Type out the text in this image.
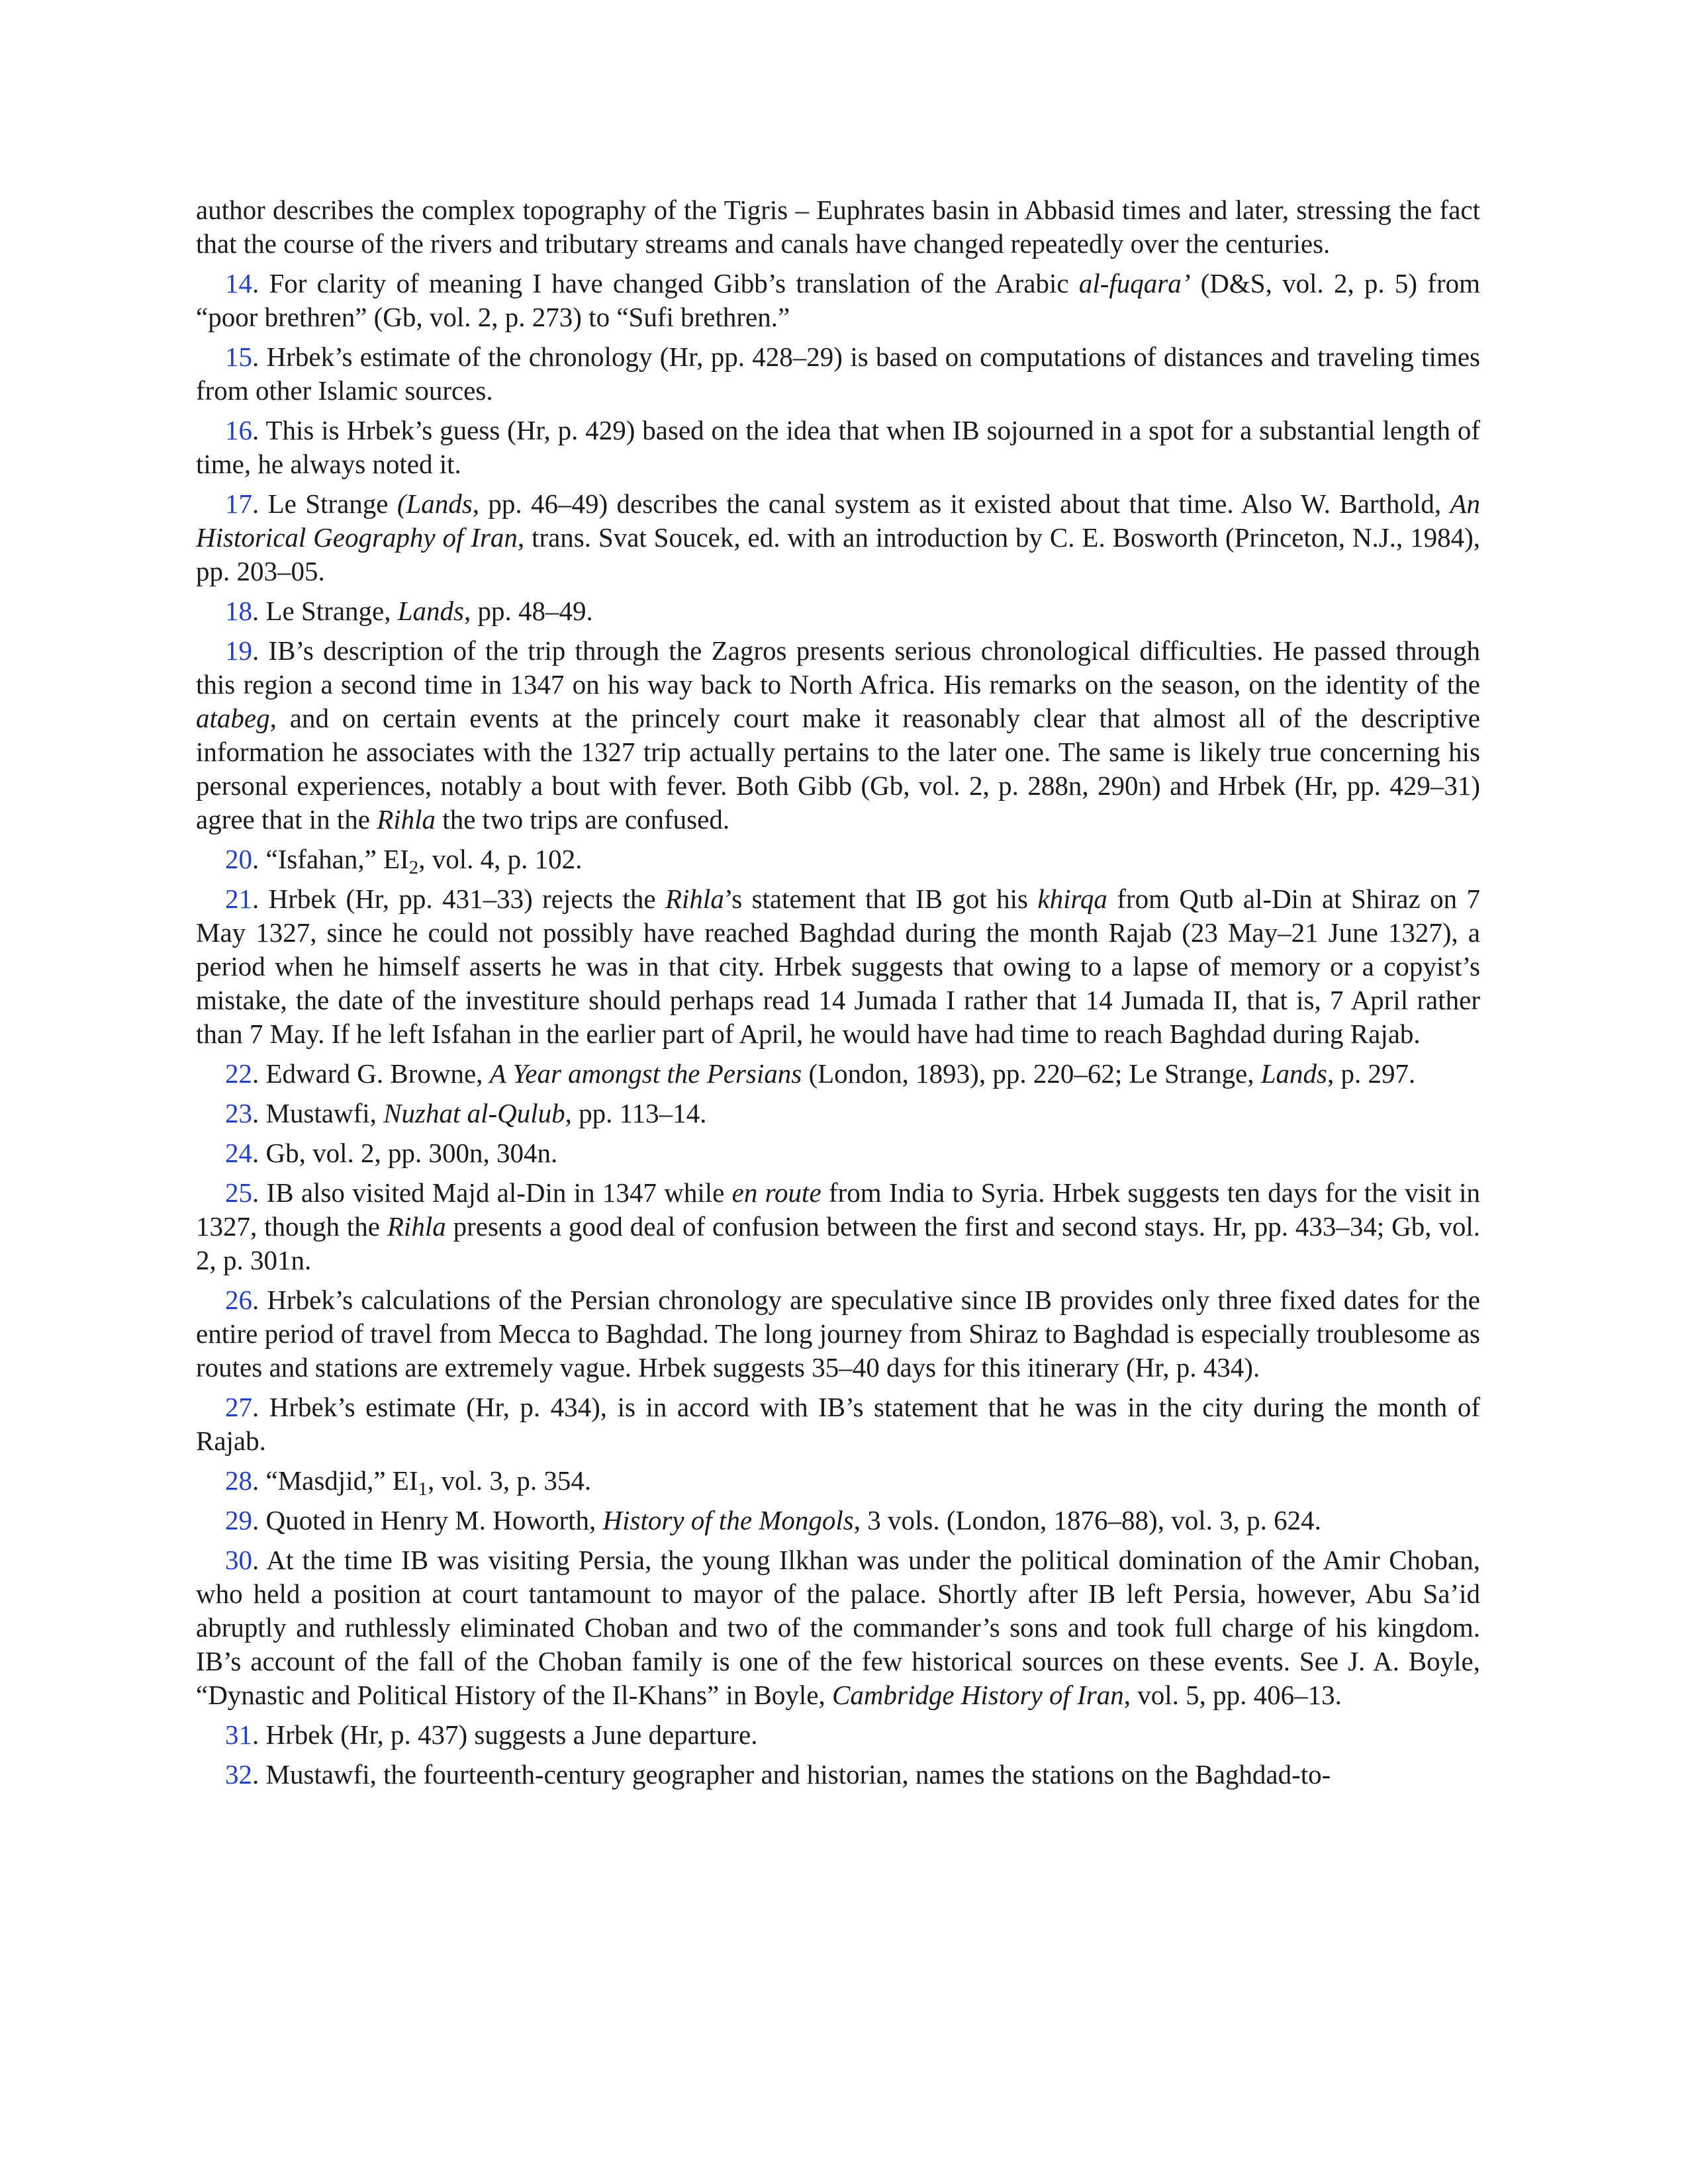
author describes the complex topography of the Tigris – Euphrates basin in Abbasid times and later, stressing the fact that the course of the rivers and tributary streams and canals have changed repeatedly over the centuries.

14. For clarity of meaning I have changed Gibb’s translation of the Arabic al-fuqara’ (D&S, vol. 2, p. 5) from “poor brethren” (Gb, vol. 2, p. 273) to “Sufi brethren.”

15. Hrbek’s estimate of the chronology (Hr, pp. 428–29) is based on computations of distances and traveling times from other Islamic sources.

16. This is Hrbek’s guess (Hr, p. 429) based on the idea that when IB sojourned in a spot for a substantial length of time, he always noted it.

17. Le Strange (Lands, pp. 46–49) describes the canal system as it existed about that time. Also W. Barthold, An Historical Geography of Iran, trans. Svat Soucek, ed. with an introduction by C. E. Bosworth (Princeton, N.J., 1984), pp. 203–05.

18. Le Strange, Lands, pp. 48–49.

19. IB’s description of the trip through the Zagros presents serious chronological difficulties. He passed through this region a second time in 1347 on his way back to North Africa. His remarks on the season, on the identity of the atabeg, and on certain events at the princely court make it reasonably clear that almost all of the descriptive information he associates with the 1327 trip actually pertains to the later one. The same is likely true concerning his personal experiences, notably a bout with fever. Both Gibb (Gb, vol. 2, p. 288n, 290n) and Hrbek (Hr, pp. 429–31) agree that in the Rihla the two trips are confused.

20. “Isfahan,” $EI_2$, vol. 4, p. 102.

21. Hrbek (Hr, pp. 431–33) rejects the Rihla’s statement that IB got his khirqa from Qutb al-Din at Shiraz on 7 May 1327, since he could not possibly have reached Baghdad during the month Rajab (23 May–21 June 1327), a period when he himself asserts he was in that city. Hrbek suggests that owing to a lapse of memory or a copyist’s mistake, the date of the investiture should perhaps read 14 Jumada I rather that 14 Jumada II, that is, 7 April rather than 7 May. If he left Isfahan in the earlier part of April, he would have had time to reach Baghdad during Rajab.

22. Edward G. Browne, A Year amongst the Persians (London, 1893), pp. 220–62; Le Strange, Lands, p. 297.

23. Mustawfi, Nuzhat al-Qulub, pp. 113–14.

24. Gb, vol. 2, pp. 300n, 304n.

25. IB also visited Majd al-Din in 1347 while en route from India to Syria. Hrbek suggests ten days for the visit in 1327, though the Rihla presents a good deal of confusion between the first and second stays. Hr, pp. 433–34; Gb, vol. 2, p. 301n.

26. Hrbek’s calculations of the Persian chronology are speculative since IB provides only three fixed dates for the entire period of travel from Mecca to Baghdad. The long journey from Shiraz to Baghdad is especially troublesome as routes and stations are extremely vague. Hrbek suggests 35–40 days for this itinerary (Hr, p. 434).

27. Hrbek’s estimate (Hr, p. 434), is in accord with IB’s statement that he was in the city during the month of Rajab.

28. “Masdjid,” $EI_1$, vol. 3, p. 354.

29. Quoted in Henry M. Howorth, History of the Mongols, 3 vols. (London, 1876–88), vol. 3, p. 624.

30. At the time IB was visiting Persia, the young Ilkhan was under the political domination of the Amir Choban, who held a position at court tantamount to mayor of the palace. Shortly after IB left Persia, however, Abu Sa’id abruptly and ruthlessly eliminated Choban and two of the commander’s sons and took full charge of his kingdom. IB’s account of the fall of the Choban family is one of the few historical sources on these events. See J. A. Boyle, “Dynastic and Political History of the Il-Khans” in Boyle, Cambridge History of Iran, vol. 5, pp. 406–13.

31. Hrbek (Hr, p. 437) suggests a June departure.

32. Mustawfi, the fourteenth-century geographer and historian, names the stations on the Baghdad-to-
